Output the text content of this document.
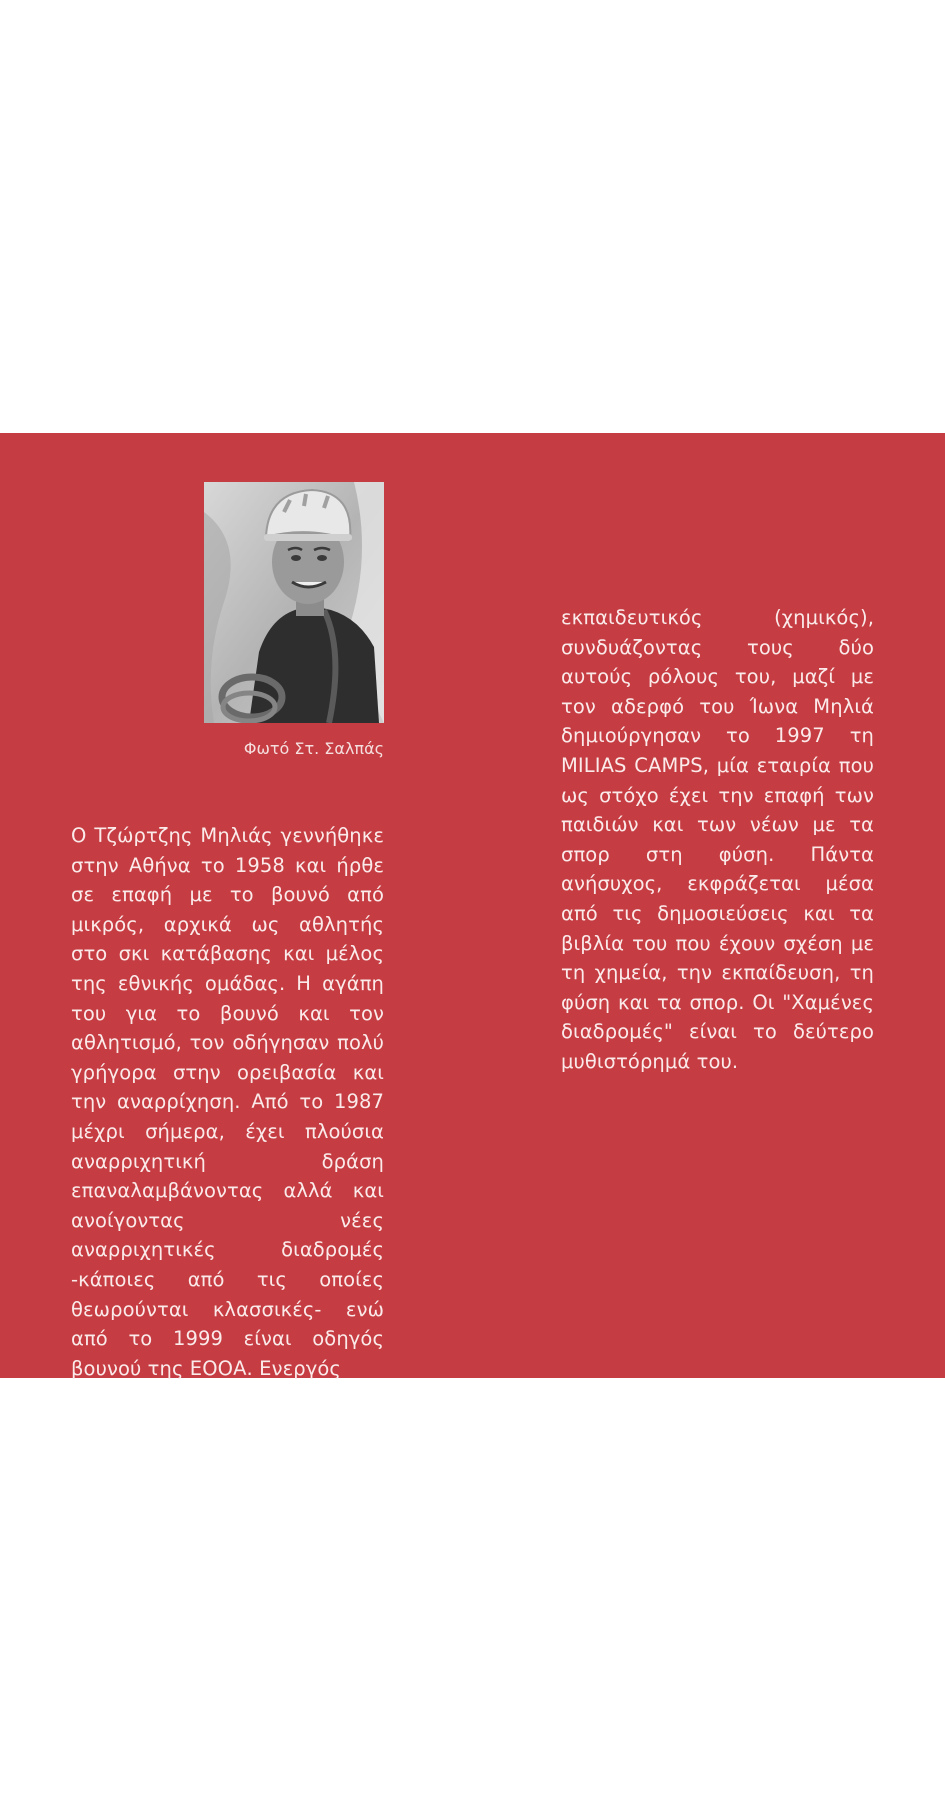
Φωτό Στ. Σαλπάς

Ο Τζώρτζης Μηλιάς γεννήθηκε στην Αθήνα το 1958 και ήρθε σε επαφή με το βουνό από μικρός, αρχικά ως αθλητής στο σκι κατάβασης και μέλος της εθνικής ομάδας. Η αγάπη του για το βουνό και τον αθλητισμό, τον οδήγησαν πολύ γρήγορα στην ορειβασία και την αναρρίχηση. Από το 1987 μέχρι σήμερα, έχει πλούσια αναρριχητική δράση επαναλαμβάνοντας αλλά και ανοίγοντας νέες αναρριχητικές διαδρομές -κάποιες από τις οποίες θεωρούνται κλασσικές- ενώ από το 1999 είναι οδηγός βουνού της ΕΟΟΑ. Ενεργός

εκπαιδευτικός (χημικός), συνδυάζοντας τους δύο αυτούς ρόλους του, μαζί με τον αδερφό του Ίωνα Μηλιά δημιούργησαν το 1997 τη MILIAS CAMPS, μία εταιρία που ως στόχο έχει την επαφή των παιδιών και των νέων με τα σπορ στη φύση. Πάντα ανήσυχος, εκφράζεται μέσα από τις δημοσιεύσεις και τα βιβλία του που έχουν σχέση με τη χημεία, την εκπαίδευση, τη φύση και τα σπορ. Οι "Χαμένες διαδρομές" είναι το δεύτερο μυθιστόρημά του.
